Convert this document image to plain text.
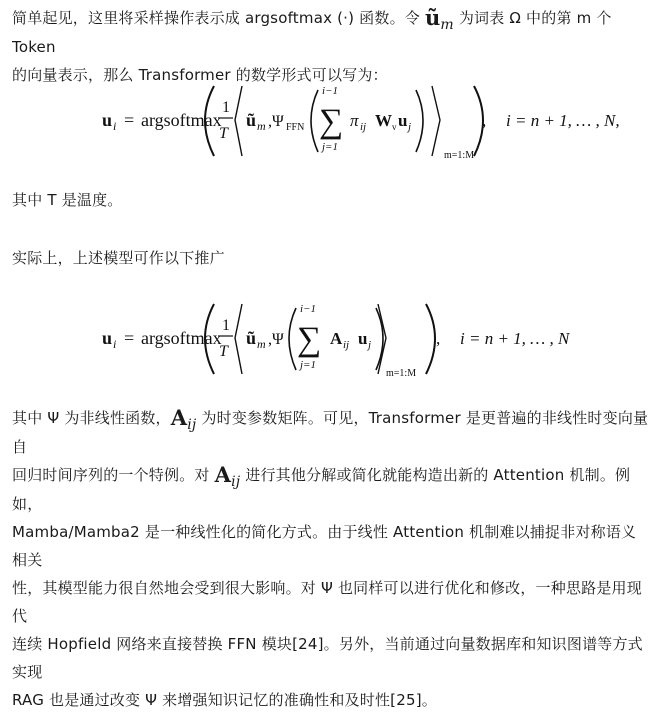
简单起见，这里将采样操作表示成 argsoftmax (·) 函数。令 $ũ_m$ 为词表 Ω 中的第 m 个 Token
的向量表示，那么 Transformer 的数学形式可以写为：
u i = argsoftmax
1
T
ũ m ,Ψ FFN
i−1
∑
j=1
π ij W v u j
m=1:M
, i = n + 1, … , N,
其中 T 是温度。
实际上，上述模型可作以下推广
u i = argsoftmax
1
T
ũ m ,Ψ
i−1
∑
j=1
A ij u j
m=1:M
, i = n + 1, … , N
其中 Ψ 为非线性函数，$A_{ij}$ 为时变参数矩阵。可见，Transformer 是更普遍的非线性时变向量自
回归时间序列的一个特例。对 $A_{ij}$ 进行其他分解或简化就能构造出新的 Attention 机制。例如，
Mamba/Mamba2 是一种线性化的简化方式。由于线性 Attention 机制难以捕捉非对称语义相关
性，其模型能力很自然地会受到很大影响。对 Ψ 也同样可以进行优化和修改，一种思路是用现代
连续 Hopfield 网络来直接替换 FFN 模块[24]。另外，当前通过向量数据库和知识图谱等方式实现
RAG 也是通过改变 Ψ 来增强知识记忆的准确性和及时性[25]。
